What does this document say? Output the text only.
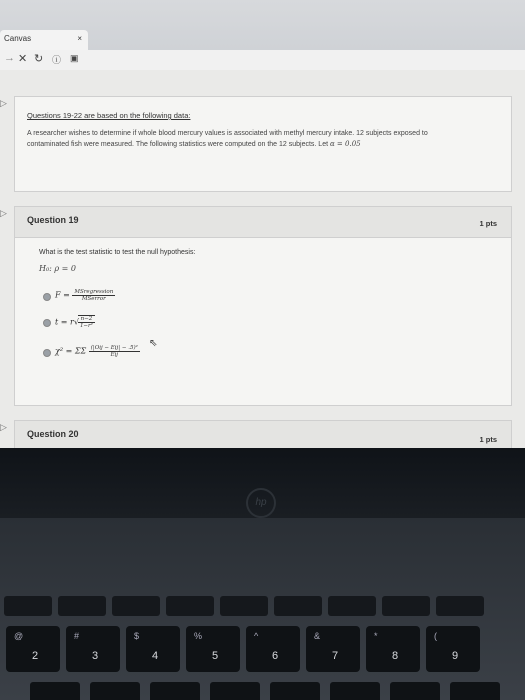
Canvas	×
→ ✕ ↻ ⓘ ▣
▷
Questions 19-22 are based on the following data:
A researcher wishes to determine if whole blood mercury values is associated with methyl mercury intake. 12 subjects exposed to contaminated fish were measured. The following statistics were computed on the 12 subjects. Let α = 0.05
▷
Question 19	1 pts
What is the test statistic to test the null hypothesis:
H₀: ρ = 0
$F = \frac{\text{MSregression}}{\text{MSerror}}$
$t = r√ \frac{n-2}{\text{1−r²}}$
χ² = ΣΣ $\frac{\text{(|Oij − Eij| − .5)²}}{\text{Eij}}$
⇖
▷
Question 20
1 pts
hp
@
2
#
3
$
4
%
5
^
6
&
7
*
8
(
9
